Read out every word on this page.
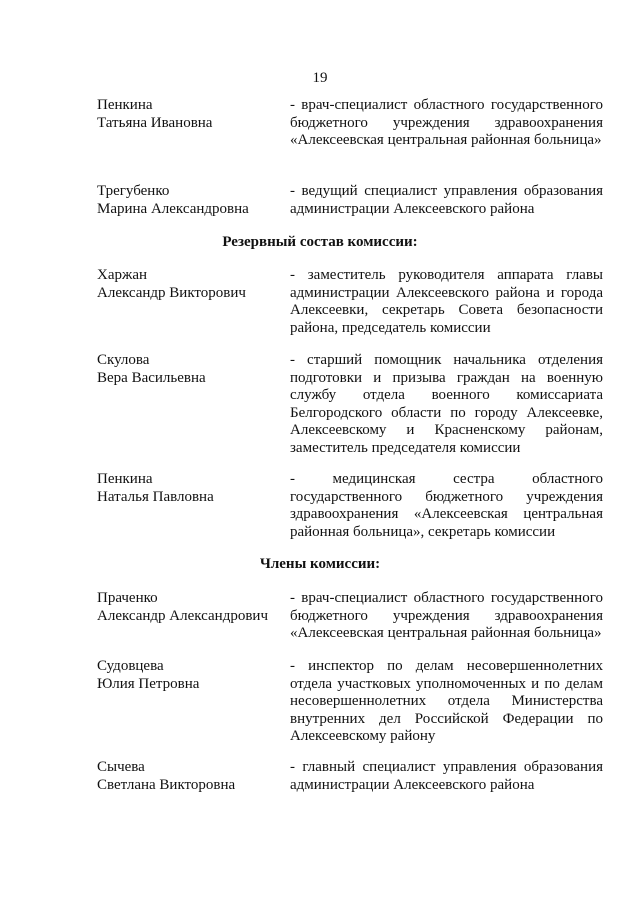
19
Пенкина
Татьяна Ивановна
- врач-специалист областного государственного бюджетного учреждения здравоохранения «Алексеевская центральная районная больница»
Трегубенко
Марина Александровна
- ведущий специалист управления образования администрации Алексеевского района
Резервный состав комиссии:
Харжан
Александр Викторович
- заместитель руководителя аппарата главы администрации Алексеевского района и города Алексеевки, секретарь Совета безопасности района, председатель комиссии
Скулова
Вера Васильевна
- старший помощник начальника отделения подготовки и призыва граждан на военную службу отдела военного комиссариата Белгородского области по городу Алексеевке, Алексеевскому и Красненскому районам, заместитель председателя комиссии
Пенкина
Наталья Павловна
- медицинская сестра областного государственного бюджетного учреждения здравоохранения «Алексеевская центральная районная больница», секретарь комиссии
Члены комиссии:
Праченко
Александр Александрович
- врач-специалист областного государственного бюджетного учреждения здравоохранения «Алексеевская центральная районная больница»
Судовцева
Юлия Петровна
- инспектор по делам несовершеннолетних отдела участковых уполномоченных и по делам несовершеннолетних отдела Министерства внутренних дел Российской Федерации по Алексеевскому району
Сычева
Светлана Викторовна
- главный специалист управления образования администрации Алексеевского района
